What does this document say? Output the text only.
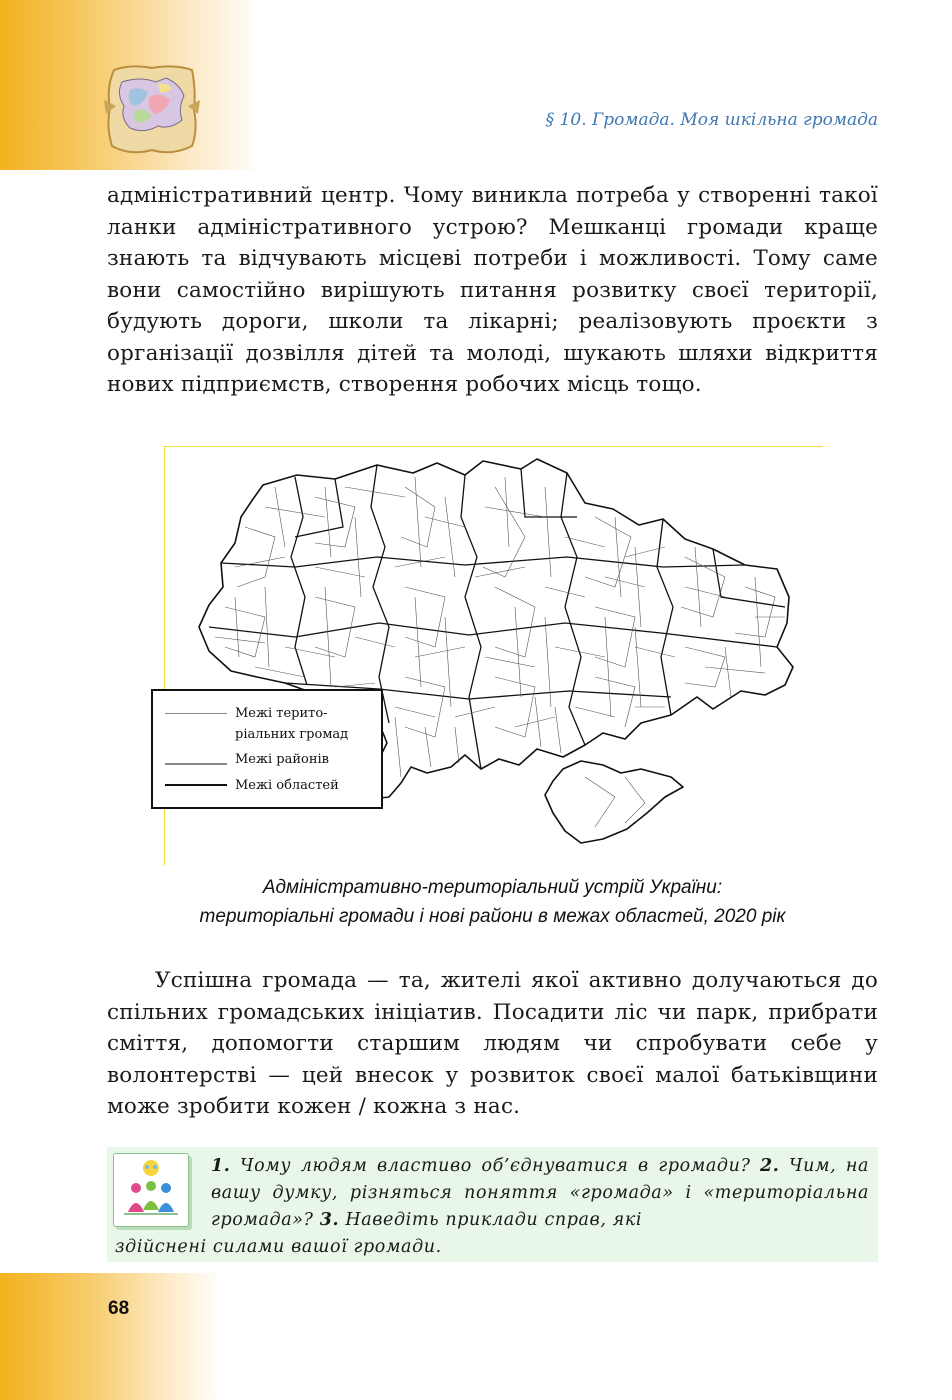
§ 10. Громада. Моя шкільна громада

адміністративний центр. Чому виникла потреба у створенні такої ланки адміністративного устрою? Мешканці громади краще знають та відчувають місцеві потреби і можливості. Тому саме вони самостійно вирішують питання розвитку своєї території, будують дороги, школи та лікарні; реалізовують проєкти з організації дозвілля дітей та молоді, шукають шляхи відкриття нових підприємств, створення робочих місць тощо.

Межі терито-
ріальних громад
Межі районів
Межі областей
Адміністративно-територіальний устрій України:
територіальні громади і нові райони в межах областей, 2020 рік

Успішна громада — та, жителі якої активно долучаються до спільних громадських ініціатив. Посадити ліс чи парк, прибрати сміття, допомогти старшим людям чи спробувати себе у волонтерстві — цей внесок у розвиток своєї малої батьківщини може зробити кожен / кожна з нас.

1. Чому людям властиво об’єднуватися в громади? 2. Чим, на вашу думку, різняться поняття «громада» і «територіальна громада»? 3. Наведіть приклади справ, які
здійснені силами вашої громади.
68
